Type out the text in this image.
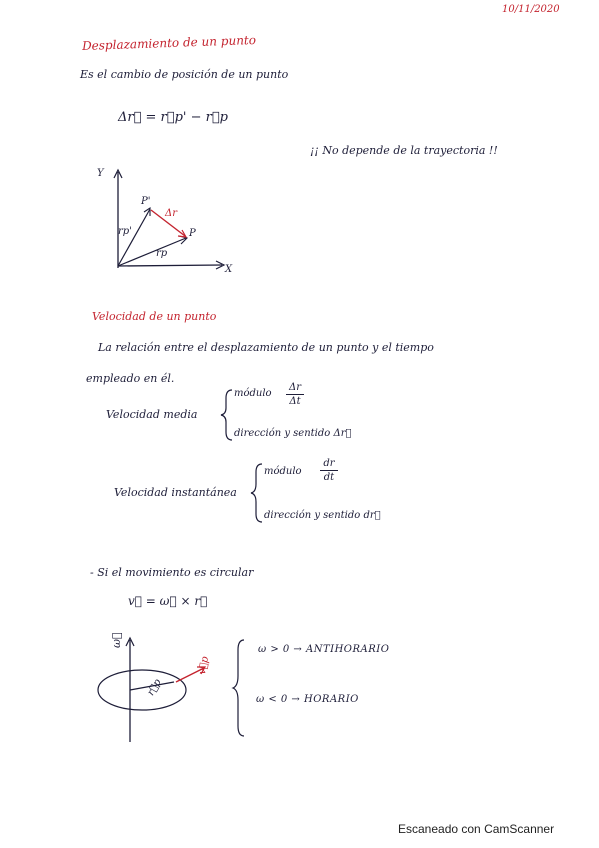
10/11/2020
Desplazamiento de un punto
Es el cambio de posición de un punto
Δr⃗ = r⃗p' − r⃗p
¡¡ No depende de la trayectoria !!
Y
X
P'
P
Δr
rp'
rp
Velocidad de un punto
La relación entre el desplazamiento de un punto y el tiempo
empleado en él.
Velocidad media
módulo
Δr
Δt
dirección y sentido Δr⃗
Velocidad instantánea
módulo
dr
dt
dirección y sentido dr⃗
- Si el movimiento es circular
v⃗ = ω⃗ × r⃗
ω⃗
r⃗p
v⃗p
ω > 0 → ANTIHORARIO
ω < 0 → HORARIO
Escaneado con CamScanner
